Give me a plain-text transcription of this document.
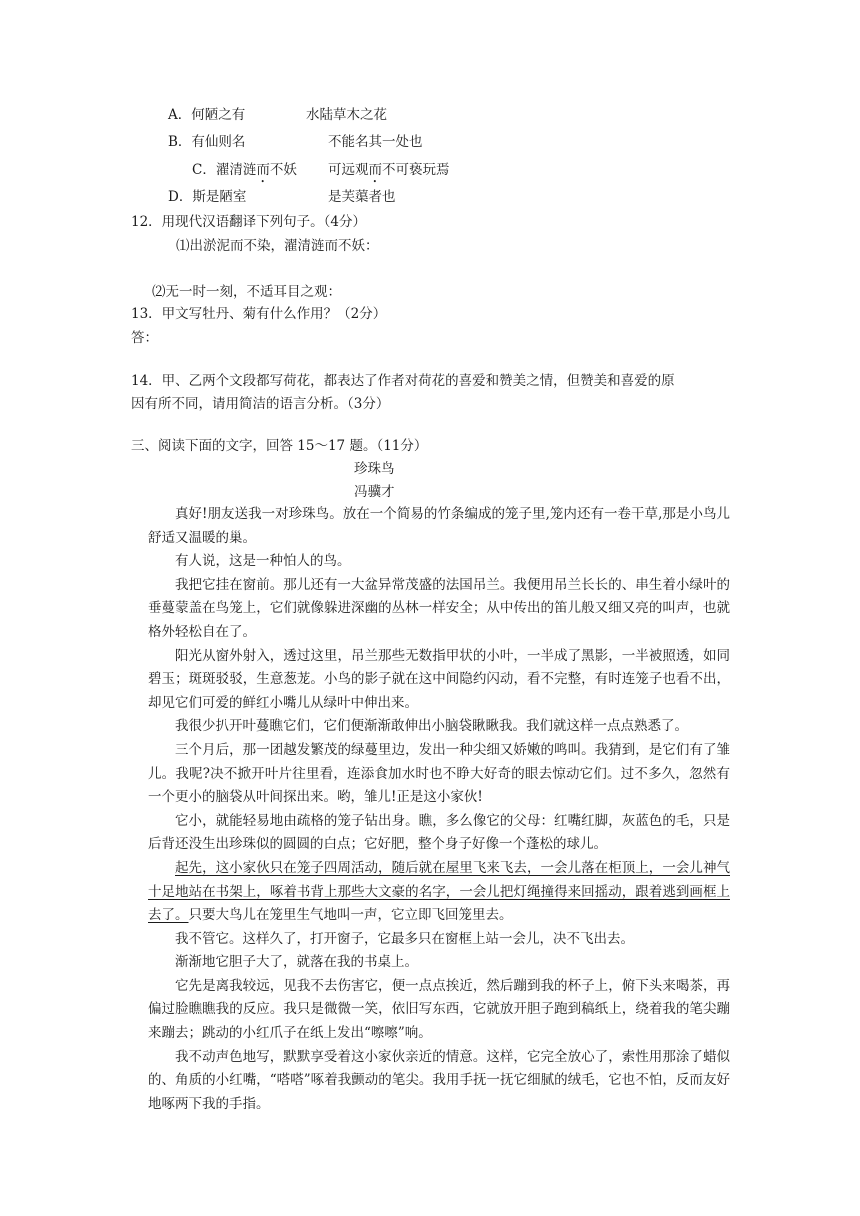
A．何陋之有	水陆草木之花
B．有仙则名	不能名其一处也
C．濯清涟而不妖 可远观而不可亵玩焉
D．斯是陋室	是芙蕖者也
12．用现代汉语翻译下列句子。（4分）
⑴出淤泥而不染，濯清涟而不妖：
⑵无一时一刻，不适耳目之观：
13．甲文写牡丹、菊有什么作用？（2分）
答：
14．甲、乙两个文段都写荷花，都表达了作者对荷花的喜爱和赞美之情，但赞美和喜爱的原
因有所不同，请用简洁的语言分析。（3分）
三、阅读下面的文字，回答 15～17 题。（11分）
珍珠鸟
冯骥才

真好!朋友送我一对珍珠鸟。放在一个简易的竹条编成的笼子里,笼内还有一卷干草,那是小鸟儿舒适又温暖的巢。

有人说，这是一种怕人的鸟。

我把它挂在窗前。那儿还有一大盆异常茂盛的法国吊兰。我便用吊兰长长的、串生着小绿叶的垂蔓蒙盖在鸟笼上，它们就像躲进深幽的丛林一样安全；从中传出的笛儿般又细又亮的叫声，也就格外轻松自在了。

阳光从窗外射入，透过这里，吊兰那些无数指甲状的小叶，一半成了黑影，一半被照透，如同碧玉；斑斑驳驳，生意葱茏。小鸟的影子就在这中间隐约闪动，看不完整，有时连笼子也看不出，却见它们可爱的鲜红小嘴儿从绿叶中伸出来。

我很少扒开叶蔓瞧它们，它们便渐渐敢伸出小脑袋瞅瞅我。我们就这样一点点熟悉了。

三个月后，那一团越发繁茂的绿蔓里边，发出一种尖细又娇嫩的鸣叫。我猜到，是它们有了雏儿。我呢?决不掀开叶片往里看，连添食加水时也不睁大好奇的眼去惊动它们。过不多久，忽然有一个更小的脑袋从叶间探出来。哟，雏儿!正是这小家伙!

它小，就能轻易地由疏格的笼子钻出身。瞧，多么像它的父母：红嘴红脚，灰蓝色的毛，只是后背还没生出珍珠似的圆圆的白点；它好肥，整个身子好像一个蓬松的球儿。

起先，这小家伙只在笼子四周活动，随后就在屋里飞来飞去，一会儿落在柜顶上，一会儿神气十足地站在书架上，啄着书背上那些大文豪的名字，一会儿把灯绳撞得来回摇动，跟着逃到画框上去了。只要大鸟儿在笼里生气地叫一声，它立即飞回笼里去。

我不管它。这样久了，打开窗子，它最多只在窗框上站一会儿，决不飞出去。

渐渐地它胆子大了，就落在我的书桌上。

它先是离我较远，见我不去伤害它，便一点点挨近，然后蹦到我的杯子上，俯下头来喝茶，再偏过脸瞧瞧我的反应。我只是微微一笑，依旧写东西，它就放开胆子跑到稿纸上，绕着我的笔尖蹦来蹦去；跳动的小红爪子在纸上发出“嚓嚓”响。

我不动声色地写，默默享受着这小家伙亲近的情意。这样，它完全放心了，索性用那涂了蜡似的、角质的小红嘴，“嗒嗒”啄着我颤动的笔尖。我用手抚一抚它细腻的绒毛，它也不怕，反而友好地啄两下我的手指。
